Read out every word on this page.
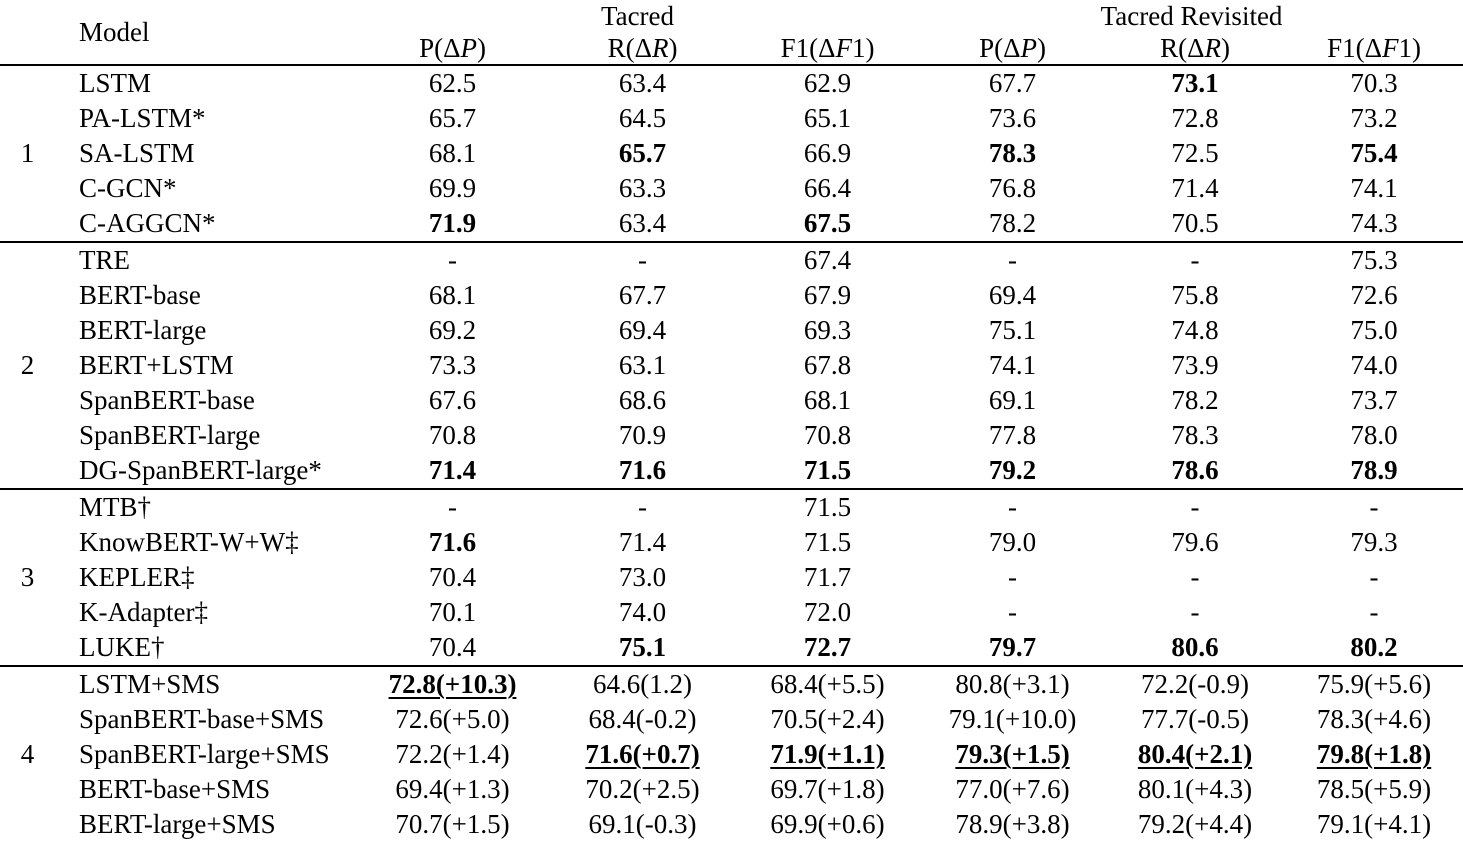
	Model	Tacred			Tacred Revisited		
		P(ΔP)	R(ΔR)	F1(ΔF1)	P(ΔP)	R(ΔR)	F1(ΔF1)
1	LSTM	62.5	63.4	62.9	67.7	73.1	70.3
	PA-LSTM*	65.7	64.5	65.1	73.6	72.8	73.2
	SA-LSTM	68.1	65.7	66.9	78.3	72.5	75.4
	C-GCN*	69.9	63.3	66.4	76.8	71.4	74.1
	C-AGGCN*	71.9	63.4	67.5	78.2	70.5	74.3
2	TRE	-	-	67.4	-	-	75.3
	BERT-base	68.1	67.7	67.9	69.4	75.8	72.6
	BERT-large	69.2	69.4	69.3	75.1	74.8	75.0
	BERT+LSTM	73.3	63.1	67.8	74.1	73.9	74.0
	SpanBERT-base	67.6	68.6	68.1	69.1	78.2	73.7
	SpanBERT-large	70.8	70.9	70.8	77.8	78.3	78.0
	DG-SpanBERT-large*	71.4	71.6	71.5	79.2	78.6	78.9
3	MTB†	-	-	71.5	-	-	-
	KnowBERT-W+W‡	71.6	71.4	71.5	79.0	79.6	79.3
	KEPLER‡	70.4	73.0	71.7	-	-	-
	K-Adapter‡	70.1	74.0	72.0	-	-	-
	LUKE†	70.4	75.1	72.7	79.7	80.6	80.2
4	LSTM+SMS	72.8(+10.3)	64.6(1.2)	68.4(+5.5)	80.8(+3.1)	72.2(-0.9)	75.9(+5.6)
	SpanBERT-base+SMS	72.6(+5.0)	68.4(-0.2)	70.5(+2.4)	79.1(+10.0)	77.7(-0.5)	78.3(+4.6)
	SpanBERT-large+SMS	72.2(+1.4)	71.6(+0.7)	71.9(+1.1)	79.3(+1.5)	80.4(+2.1)	79.8(+1.8)
	BERT-base+SMS	69.4(+1.3)	70.2(+2.5)	69.7(+1.8)	77.0(+7.6)	80.1(+4.3)	78.5(+5.9)
	BERT-large+SMS	70.7(+1.5)	69.1(-0.3)	69.9(+0.6)	78.9(+3.8)	79.2(+4.4)	79.1(+4.1)
